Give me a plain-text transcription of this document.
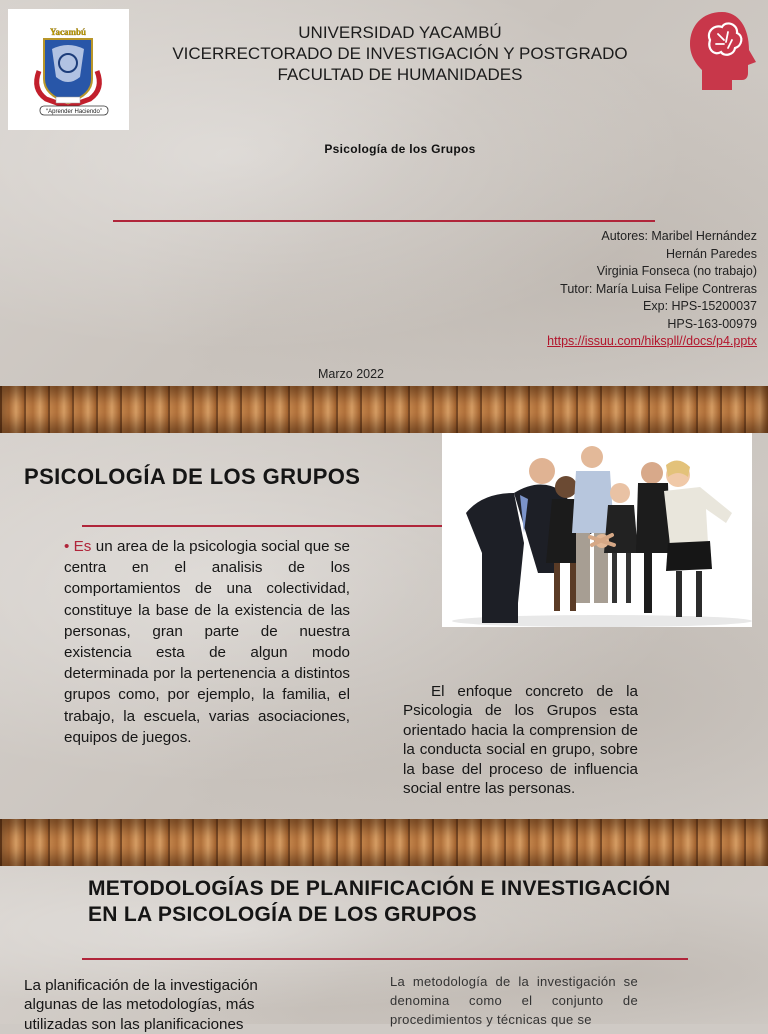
Yacambú
“Aprender Haciendo”
UNIVERSIDAD YACAMBÚ
VICERRECTORADO DE INVESTIGACIÓN Y POSTGRADO
FACULTAD DE HUMANIDADES
Psicología de los Grupos
Autores: Maribel Hernández
Hernán Paredes
Virginia Fonseca (no trabajo)
Tutor: María Luisa Felipe Contreras
Exp: HPS-15200037
HPS-163-00979
https://issuu.com/hikspll//docs/p4.pptx
Marzo 2022
PSICOLOGÍA DE LOS GRUPOS
• Es un area de la psicologia social que se centra en el analisis de los comportamientos de una colectividad, constituye la base de la existencia de las personas, gran parte de nuestra existencia esta de algun modo determinada por la pertenencia a distintos grupos como, por ejemplo, la familia, el trabajo, la escuela, varias asociaciones, equipos de juegos.
El enfoque concreto de la Psicologia de los Grupos esta orientado hacia la comprension de la conducta social en grupo, sobre la base del proceso de influencia social entre las personas.
METODOLOGÍAS DE PLANIFICACIÓN E INVESTIGACIÓN EN LA PSICOLOGÍA DE LOS GRUPOS
La planificación de la investigación algunas de las metodologías, más utilizadas son las planificaciones
La metodología de la investigación se denomina como el conjunto de procedimientos y técnicas que se
